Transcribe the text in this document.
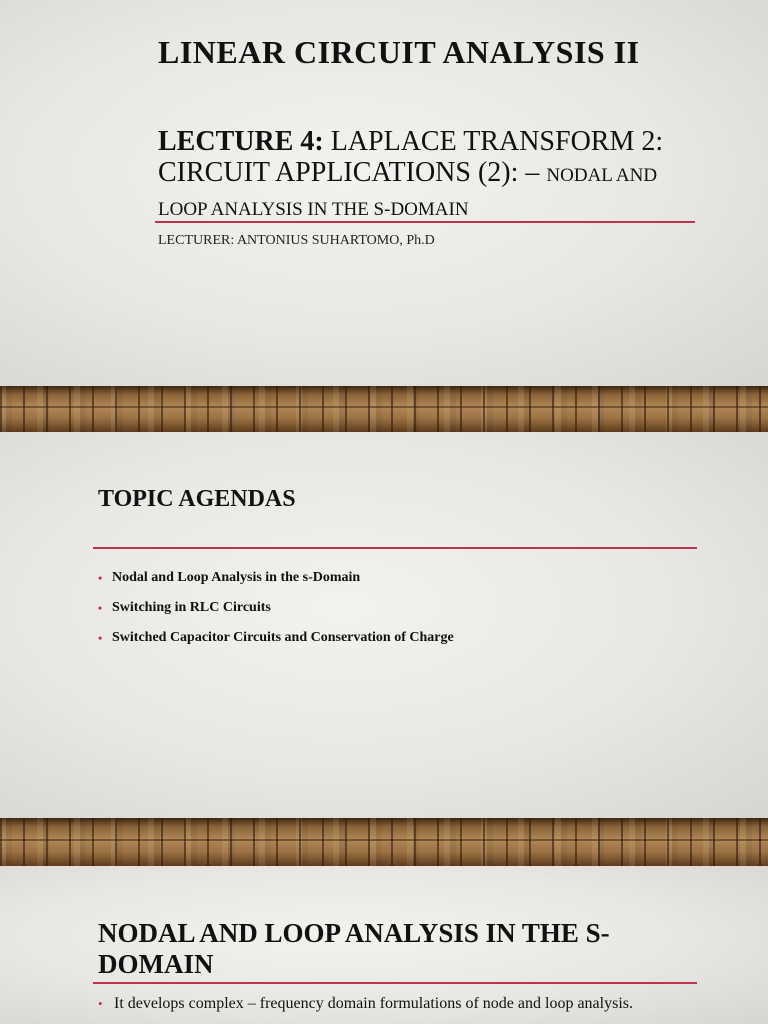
LINEAR CIRCUIT ANALYSIS II
LECTURE 4: LAPLACE TRANSFORM 2:
CIRCUIT APPLICATIONS (2): – NODAL AND
LOOP ANALYSIS IN THE S-DOMAIN
LECTURER: ANTONIUS SUHARTOMO, Ph.D
TOPIC AGENDAS
• Nodal and Loop Analysis in the s-Domain
• Switching in RLC Circuits
• Switched Capacitor Circuits and Conservation of Charge
NODAL AND LOOP ANALYSIS IN THE S-
DOMAIN
• It develops complex – frequency domain formulations of node and loop analysis.
